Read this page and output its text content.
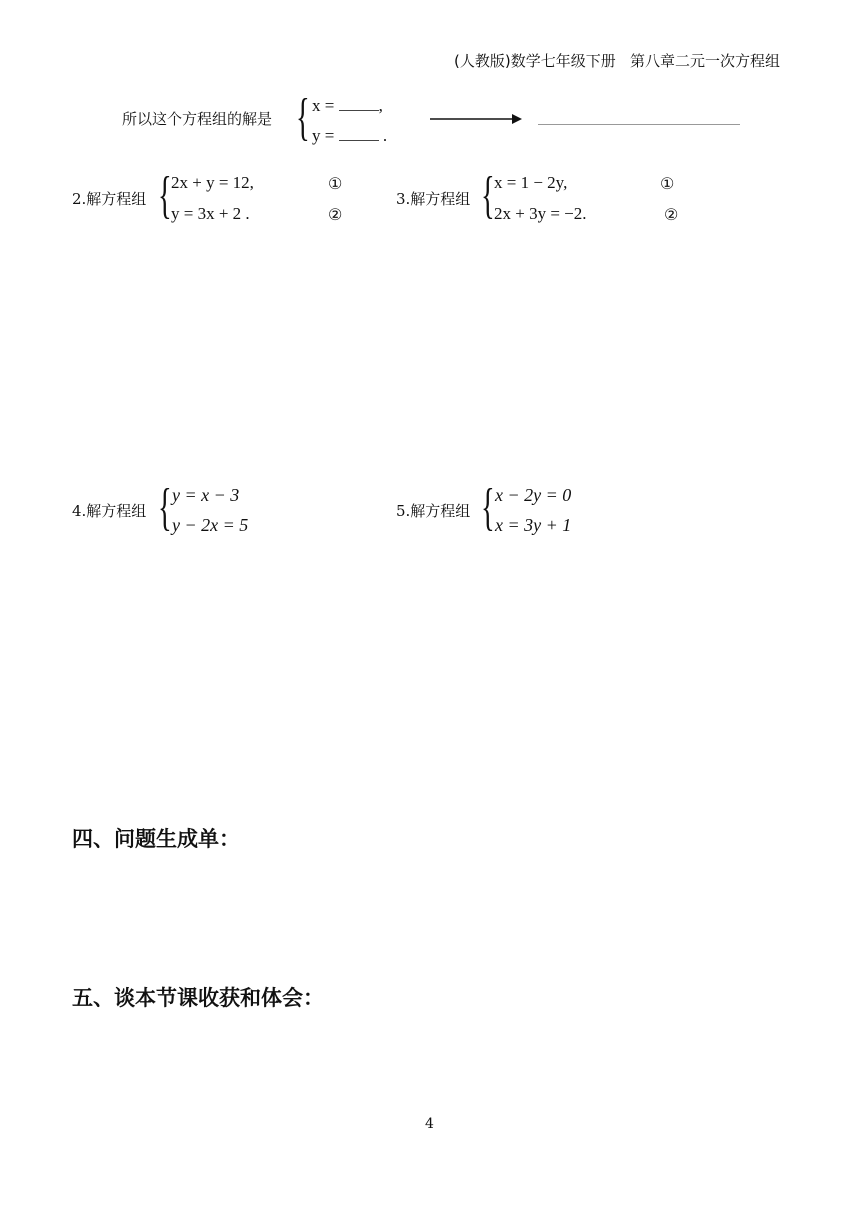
(人教版)数学七年级下册   第八章二元一次方程组
所以这个方程组的解是 { x =	,
y =	.
2.解方程组 { 2x + y = 12,
y = 3x + 2 .
①
②
3.解方程组 { x = 1 − 2y,
2x + 3y = −2.
①
②
4.解方程组 { y = x − 3
y − 2x = 5
5.解方程组 { x − 2y = 0
x = 3y + 1
四、问题生成单：
五、谈本节课收获和体会：
4
